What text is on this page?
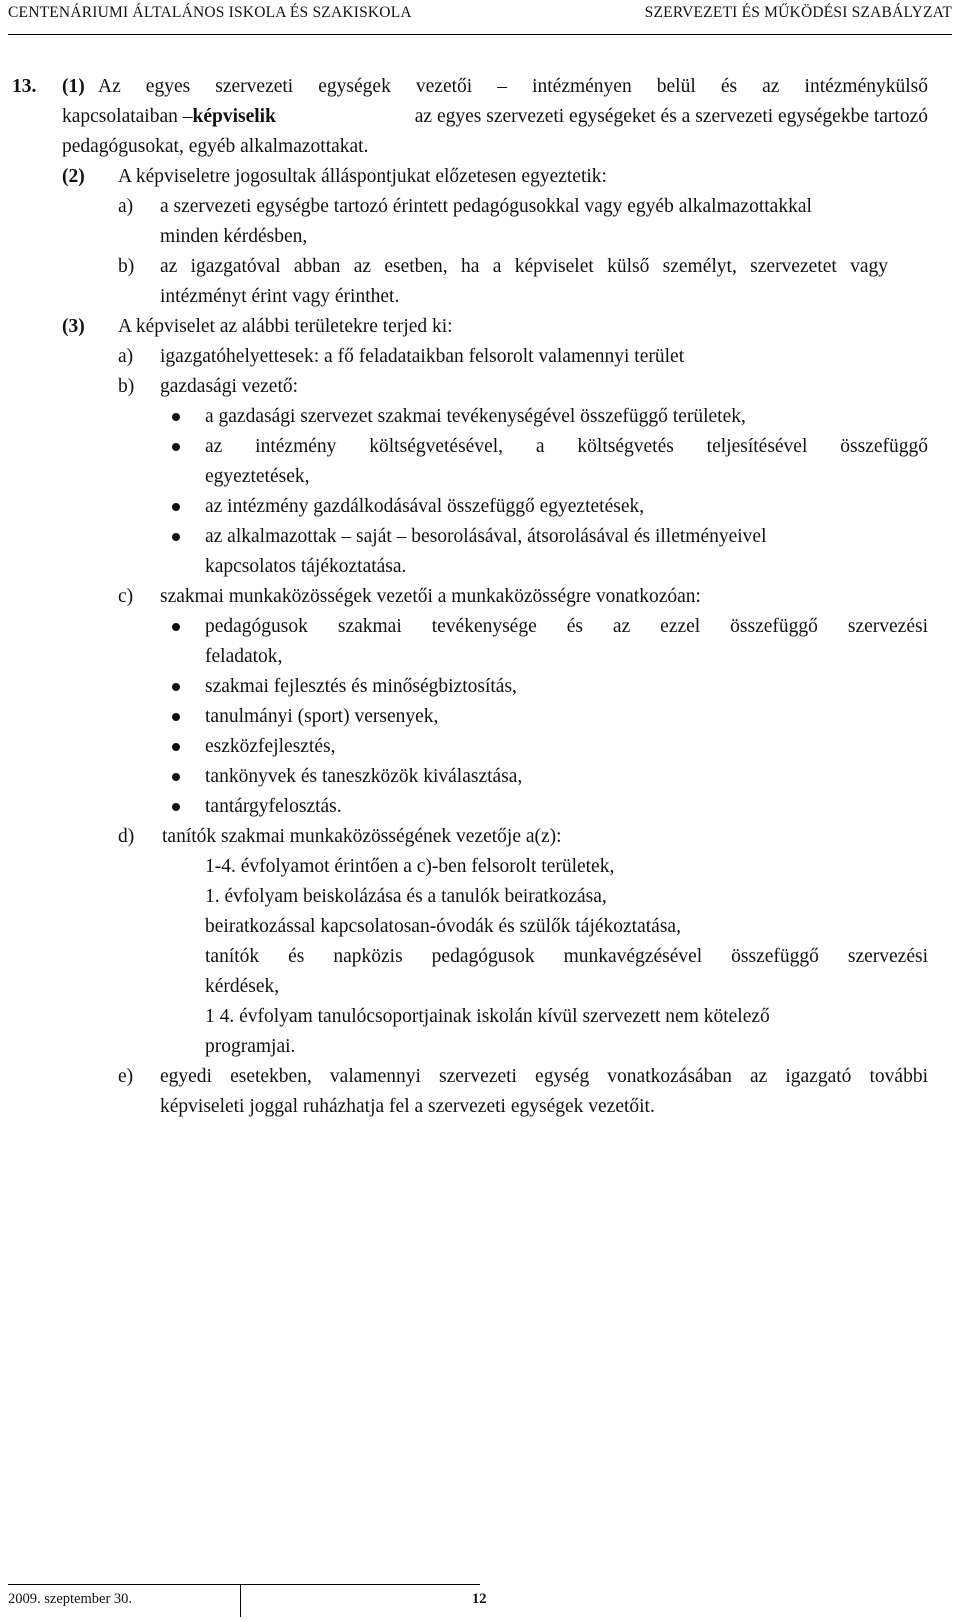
CENTENÁRIUMI ÁLTALÁNOS ISKOLA ÉS SZAKISKOLA	SZERVEZETI ÉS MŰKÖDÉSI SZABÁLYZAT
13. (1) Az egyes szervezeti egységek vezetői – intézményen belül és az intézménykülső
kapcsolataiban –képviselik	az egyes szervezeti egységeket és a szervezeti egységekbe tartozó
pedagógusokat, egyéb alkalmazottakat.
(2) A képviseletre jogosultak álláspontjukat előzetesen egyeztetik:
a) a szervezeti egységbe tartozó érintett pedagógusokkal vagy egyéb alkalmazottakkal
minden kérdésben,
b) az igazgatóval abban az esetben, ha a képviselet külső személyt, szervezetet vagy
intézményt érint vagy érinthet.
(3) A képviselet az alábbi területekre terjed ki:
a) igazgatóhelyettesek: a fő feladataikban felsorolt valamennyi terület
b) gazdasági vezető:
a gazdasági szervezet szakmai tevékenységével összefüggő területek,
az intézmény költségvetésével, a költségvetés teljesítésével összefüggő
egyeztetések,
az intézmény gazdálkodásával összefüggő egyeztetések,
az alkalmazottak – saját – besorolásával, átsorolásával és illetményeivel
kapcsolatos tájékoztatása.
c) szakmai munkaközösségek vezetői a munkaközösségre vonatkozóan:
pedagógusok szakmai tevékenysége és az ezzel összefüggő szervezési
feladatok,
szakmai fejlesztés és minőségbiztosítás,
tanulmányi (sport) versenyek,
eszközfejlesztés,
tankönyvek és taneszközök kiválasztása,
tantárgyfelosztás.
d) tanítók szakmai munkaközösségének vezetője a(z):
1-4. évfolyamot érintően a c)-ben felsorolt területek,
1. évfolyam beiskolázása és a tanulók beiratkozása,
beiratkozással kapcsolatosan-óvodák és szülők tájékoztatása,
tanítók és napközis pedagógusok munkavégzésével összefüggő szervezési
kérdések,
1 4. évfolyam tanulócsoportjainak iskolán kívül szervezett nem kötelező
programjai.
e) egyedi esetekben, valamennyi szervezeti egység vonatkozásában az igazgató további
képviseleti joggal ruházhatja fel a szervezeti egységek vezetőit.
2009. szeptember 30.	12
